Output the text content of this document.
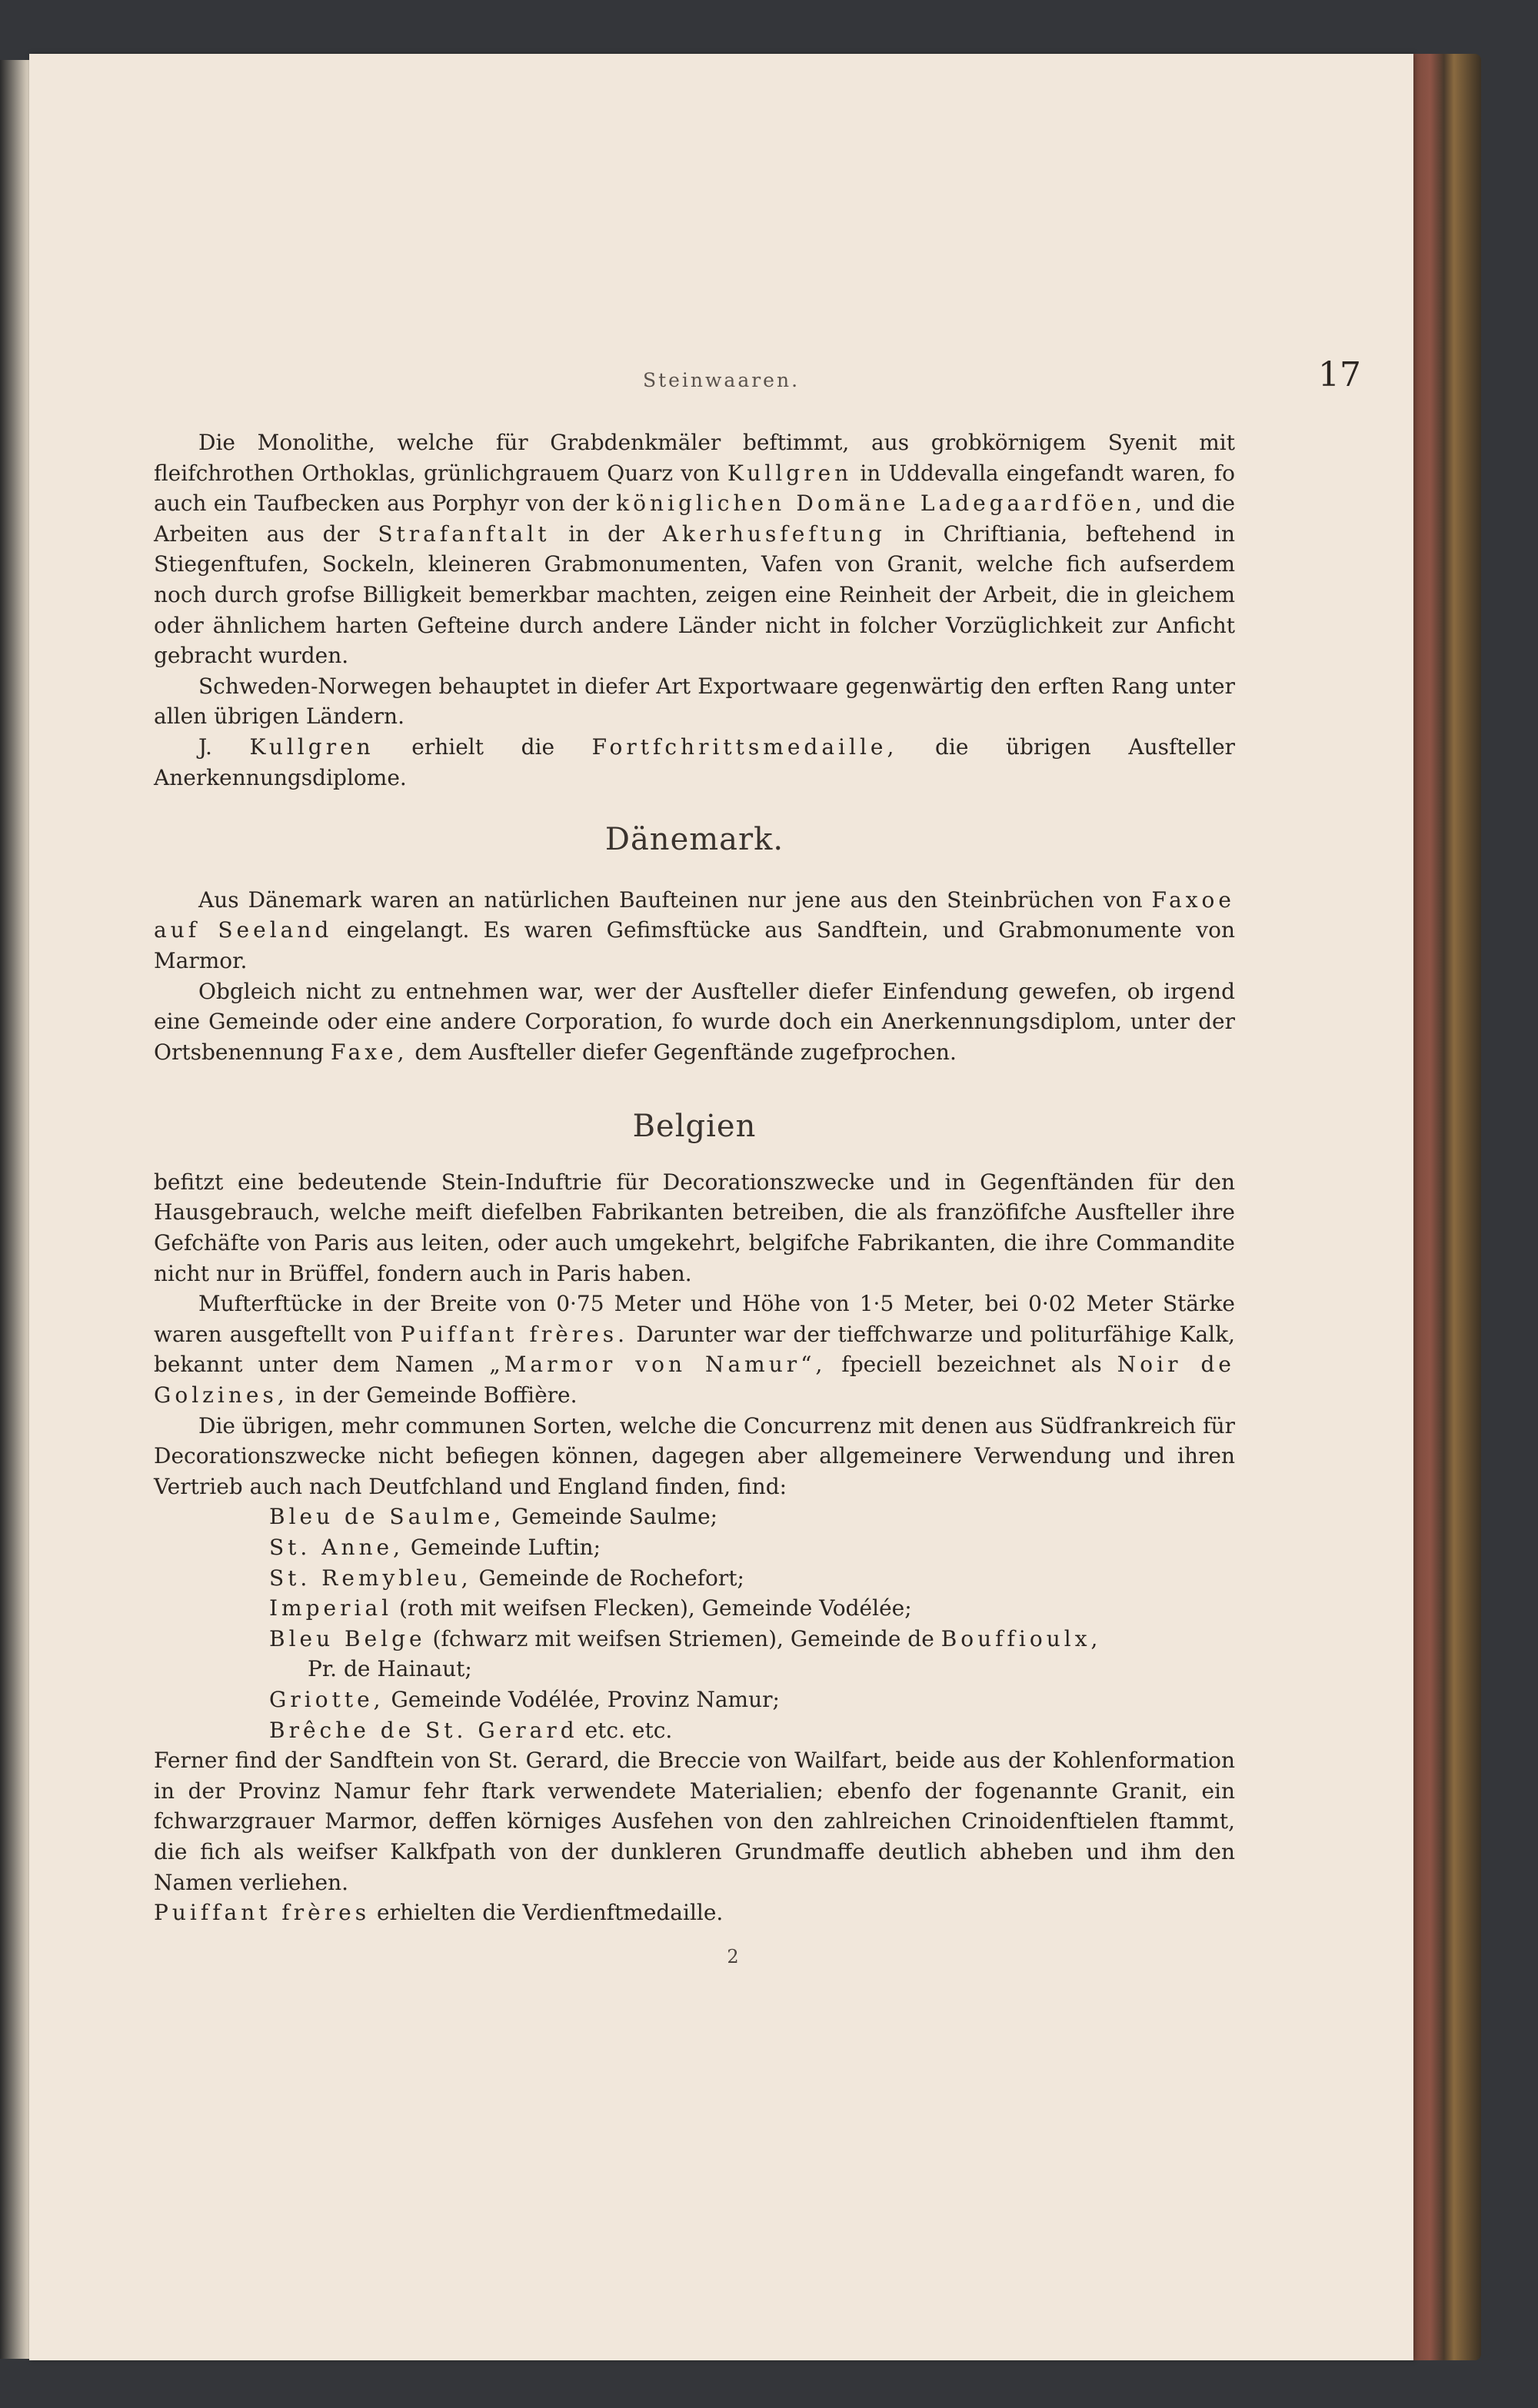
Steinwaaren.	17

Die Monolithe, welche für Grabdenkmäler beftimmt, aus grobkörnigem Syenit mit fleifchrothen Orthoklas, grünlichgrauem Quarz von Kullgren in Uddevalla eingefandt waren, fo auch ein Taufbecken aus Porphyr von der königlichen Domäne Ladegaardföen, und die Arbeiten aus der Strafanftalt in der Akerhusfeftung in Chriftiania, beftehend in Stiegenftufen, Sockeln, kleineren Grabmonumenten, Vafen von Granit, welche fich aufserdem noch durch grofse Billigkeit bemerkbar machten, zeigen eine Reinheit der Arbeit, die in gleichem oder ähnlichem harten Gefteine durch andere Länder nicht in folcher Vorzüglichkeit zur Anficht gebracht wurden.

Schweden-Norwegen behauptet in diefer Art Exportwaare gegenwärtig den erften Rang unter allen übrigen Ländern.

J. Kullgren erhielt die Fortfchrittsmedaille, die übrigen Ausfteller Anerkennungsdiplome.

Dänemark.

Aus Dänemark waren an natürlichen Baufteinen nur jene aus den Steinbrüchen von Faxoe auf Seeland eingelangt. Es waren Gefimsftücke aus Sandftein, und Grabmonumente von Marmor.

Obgleich nicht zu entnehmen war, wer der Ausfteller diefer Einfendung gewefen, ob irgend eine Gemeinde oder eine andere Corporation, fo wurde doch ein Anerkennungsdiplom, unter der Ortsbenennung Faxe, dem Ausfteller diefer Gegenftände zugefprochen.

Belgien

befitzt eine bedeutende Stein-Induftrie für Decorationszwecke und in Gegenftänden für den Hausgebrauch, welche meift diefelben Fabrikanten betreiben, die als franzöfifche Ausfteller ihre Gefchäfte von Paris aus leiten, oder auch umgekehrt, belgifche Fabrikanten, die ihre Commandite nicht nur in Brüffel, fondern auch in Paris haben.

Mufterftücke in der Breite von 0·75 Meter und Höhe von 1·5 Meter, bei 0·02 Meter Stärke waren ausgeftellt von Puiffant frères. Darunter war der tieffchwarze und politurfähige Kalk, bekannt unter dem Namen „Marmor von Namur“, fpeciell bezeichnet als Noir de Golzines, in der Gemeinde Boffière.

Die übrigen, mehr communen Sorten, welche die Concurrenz mit denen aus Südfrankreich für Decorationszwecke nicht befiegen können, dagegen aber allgemeinere Verwendung und ihren Vertrieb auch nach Deutfchland und England finden, find:

Bleu de Saulme, Gemeinde Saulme;
St. Anne, Gemeinde Luftin;
St. Remybleu, Gemeinde de Rochefort;
Imperial (roth mit weifsen Flecken), Gemeinde Vodélée;
Bleu Belge (fchwarz mit weifsen Striemen), Gemeinde de Bouffioulx,
Pr. de Hainaut;
Griotte, Gemeinde Vodélée, Provinz Namur;
Brêche de St. Gerard etc. etc.

Ferner find der Sandftein von St. Gerard, die Breccie von Wailfart, beide aus der Kohlenformation in der Provinz Namur fehr ftark verwendete Materialien; ebenfo der fogenannte Granit, ein fchwarzgrauer Marmor, deffen körniges Ausfehen von den zahlreichen Crinoidenftielen ftammt, die fich als weifser Kalkfpath von der dunkleren Grundmaffe deutlich abheben und ihm den Namen verliehen.

Puiffant frères erhielten die Verdienftmedaille.

2
